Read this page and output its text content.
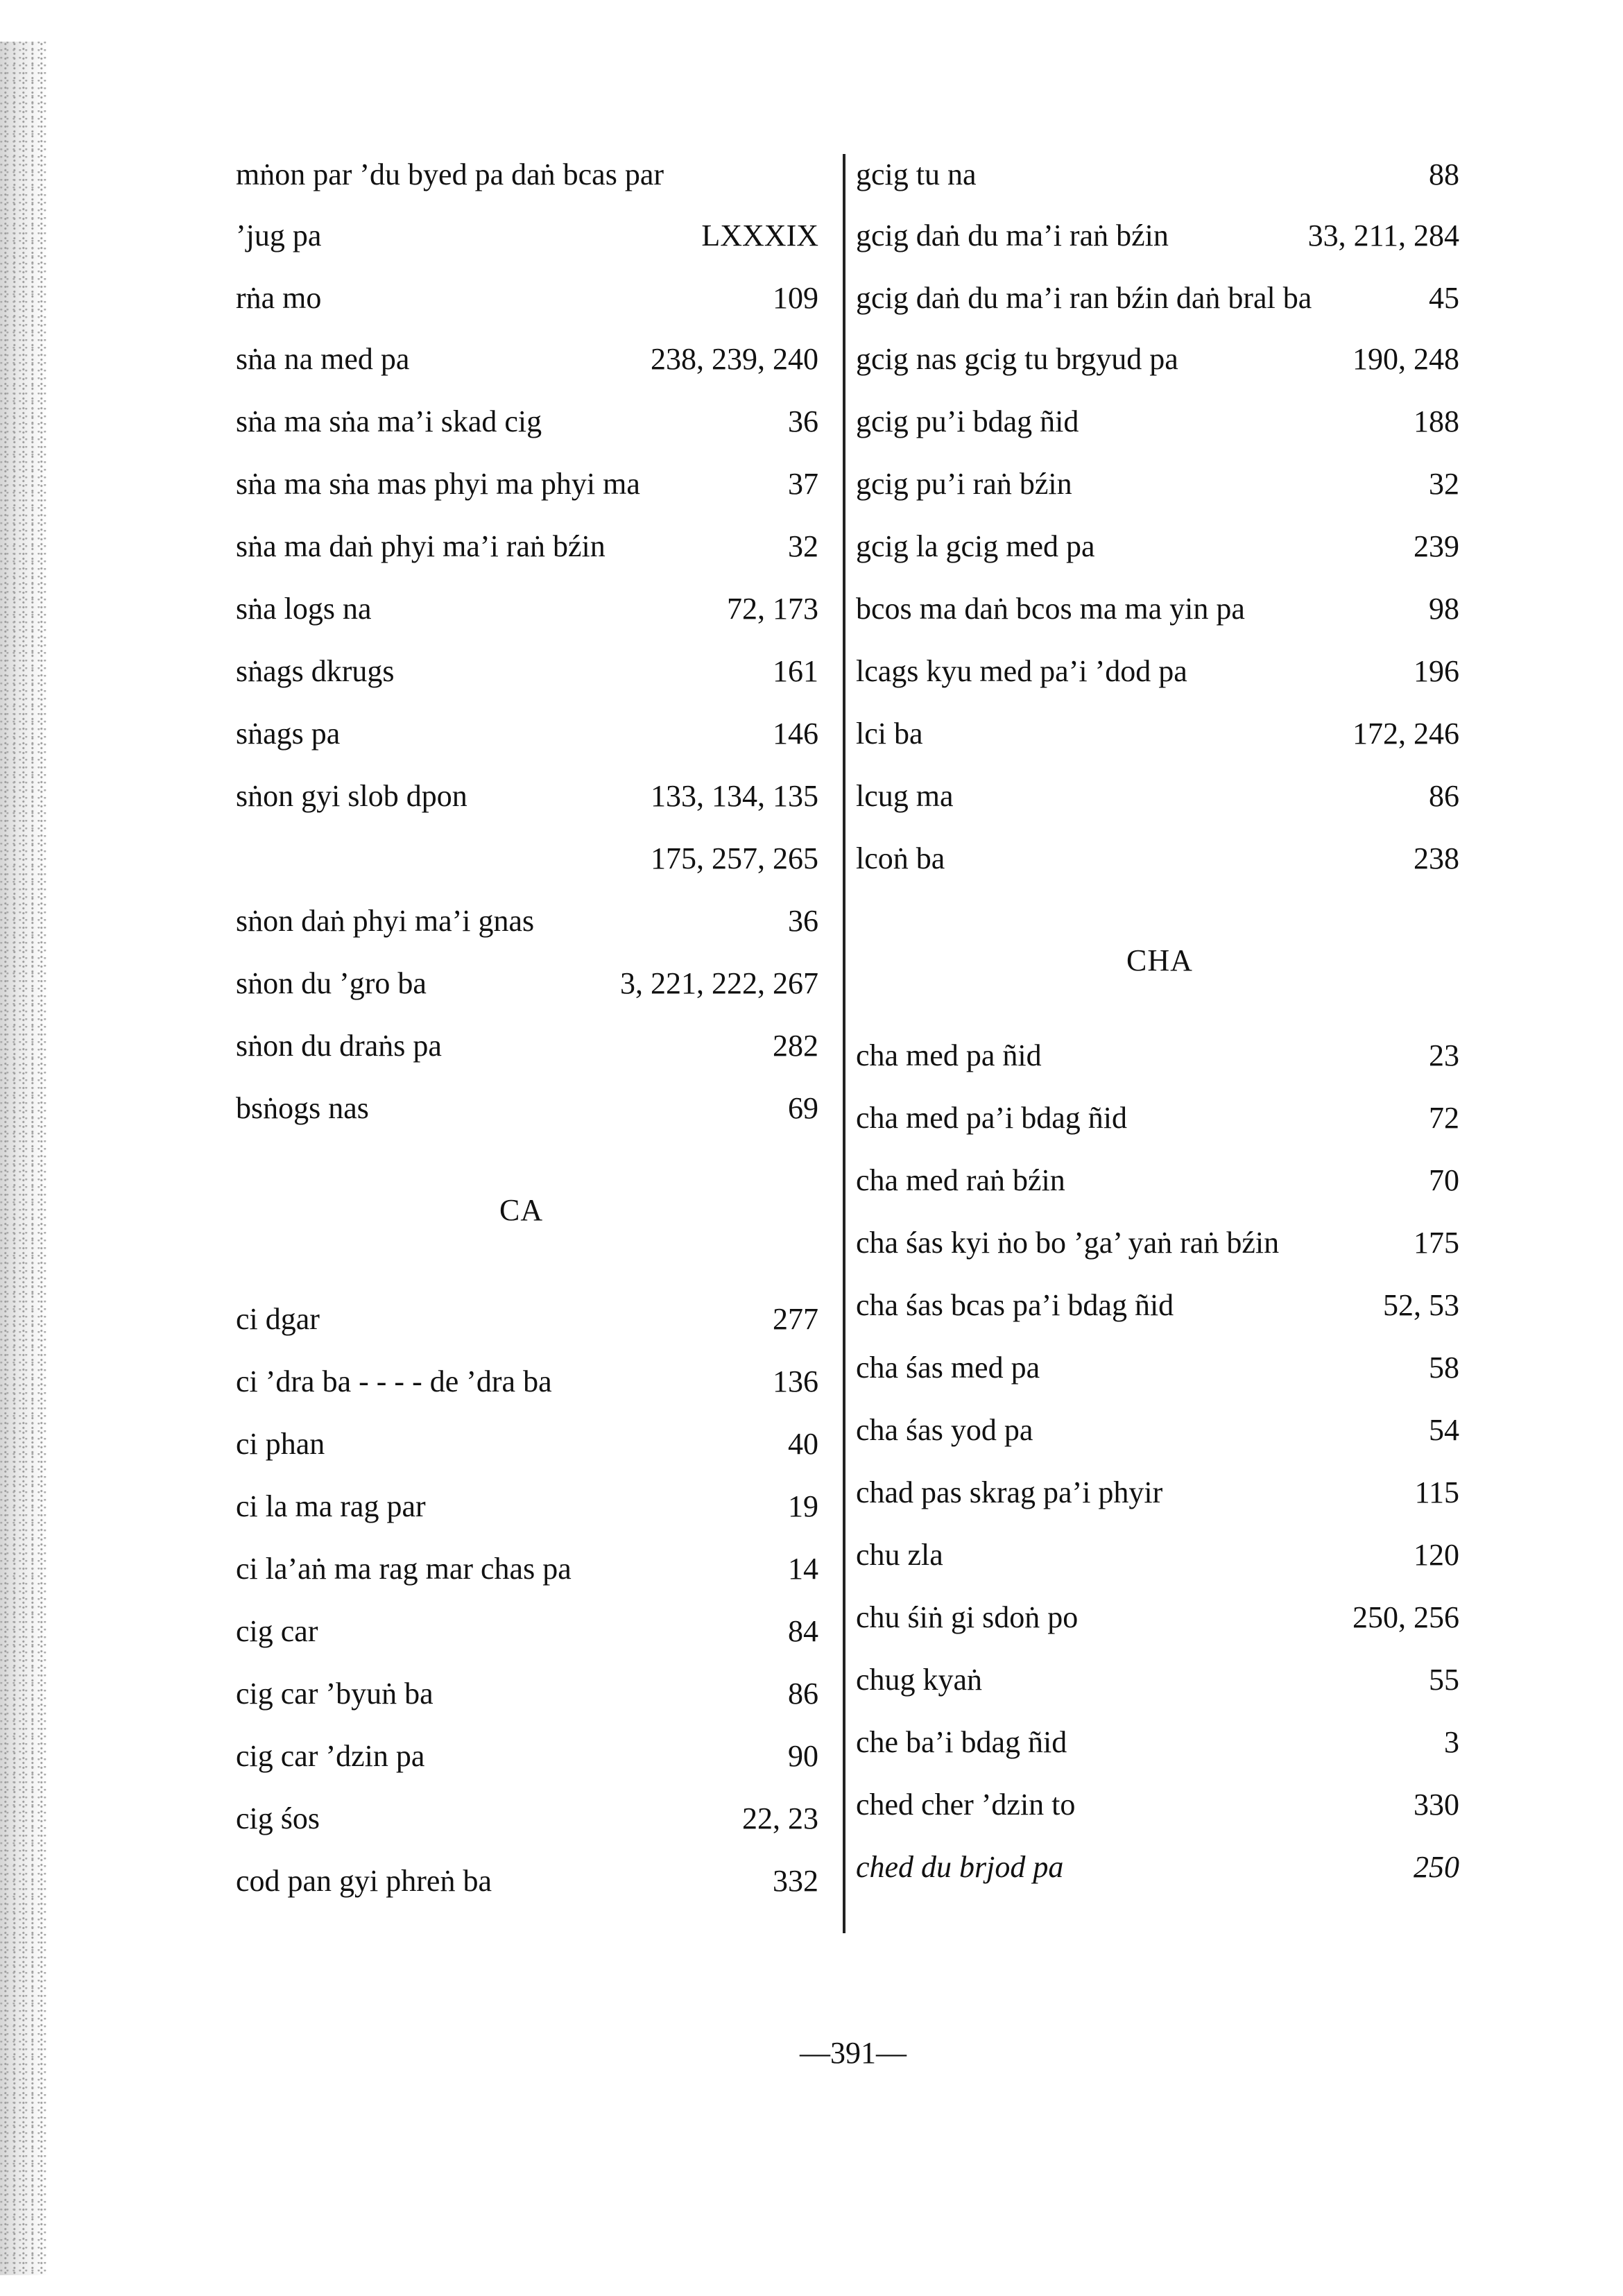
mṅon par ’du byed pa daṅ bcas par
’jug pa	LXXXIX
rṅa mo	109
sṅa na med pa	238, 239, 240
sṅa ma sṅa ma’i skad cig	36
sṅa ma sṅa mas phyi ma phyi ma	37
sṅa ma daṅ phyi ma’i raṅ bźin	32
sṅa logs na	72, 173
sṅags dkrugs	161
sṅags pa	146
sṅon gyi slob dpon	133, 134, 135
175, 257, 265
sṅon daṅ phyi ma’i gnas	36
sṅon du ’gro ba	3, 221, 222, 267
sṅon du draṅs pa	282
bsṅogs nas	69
CA
ci dgar	277
ci ’dra ba - - - - de ’dra ba	136
ci phan	40
ci la ma rag par	19
ci la’aṅ ma rag mar chas pa	14
cig car	84
cig car ’byuṅ ba	86
cig car ’dzin pa	90
cig śos	22, 23
cod pan gyi phreṅ ba	332
gcig tu na	88
gcig daṅ du ma’i raṅ bźin	33, 211, 284
gcig daṅ du ma’i ran bźin daṅ bral ba	45
gcig nas gcig tu brgyud pa	190, 248
gcig pu’i bdag ñid	188
gcig pu’i raṅ bźin	32
gcig la gcig med pa	239
bcos ma daṅ bcos ma ma yin pa	98
lcags kyu med pa’i ’dod pa	196
lci ba	172, 246
lcug ma	86
lcoṅ ba	238
CHA
cha med pa ñid	23
cha med pa’i bdag ñid	72
cha med raṅ bźin	70
cha śas kyi ṅo bo ’ga’ yaṅ raṅ bźin	175
cha śas bcas pa’i bdag ñid	52, 53
cha śas med pa	58
cha śas yod pa	54
chad pas skrag pa’i phyir	115
chu zla	120
chu śiṅ gi sdoṅ po	250, 256
chug kyaṅ	55
che ba’i bdag ñid	3
ched cher ’dzin to	330
ched du brjod pa	250
—391—
